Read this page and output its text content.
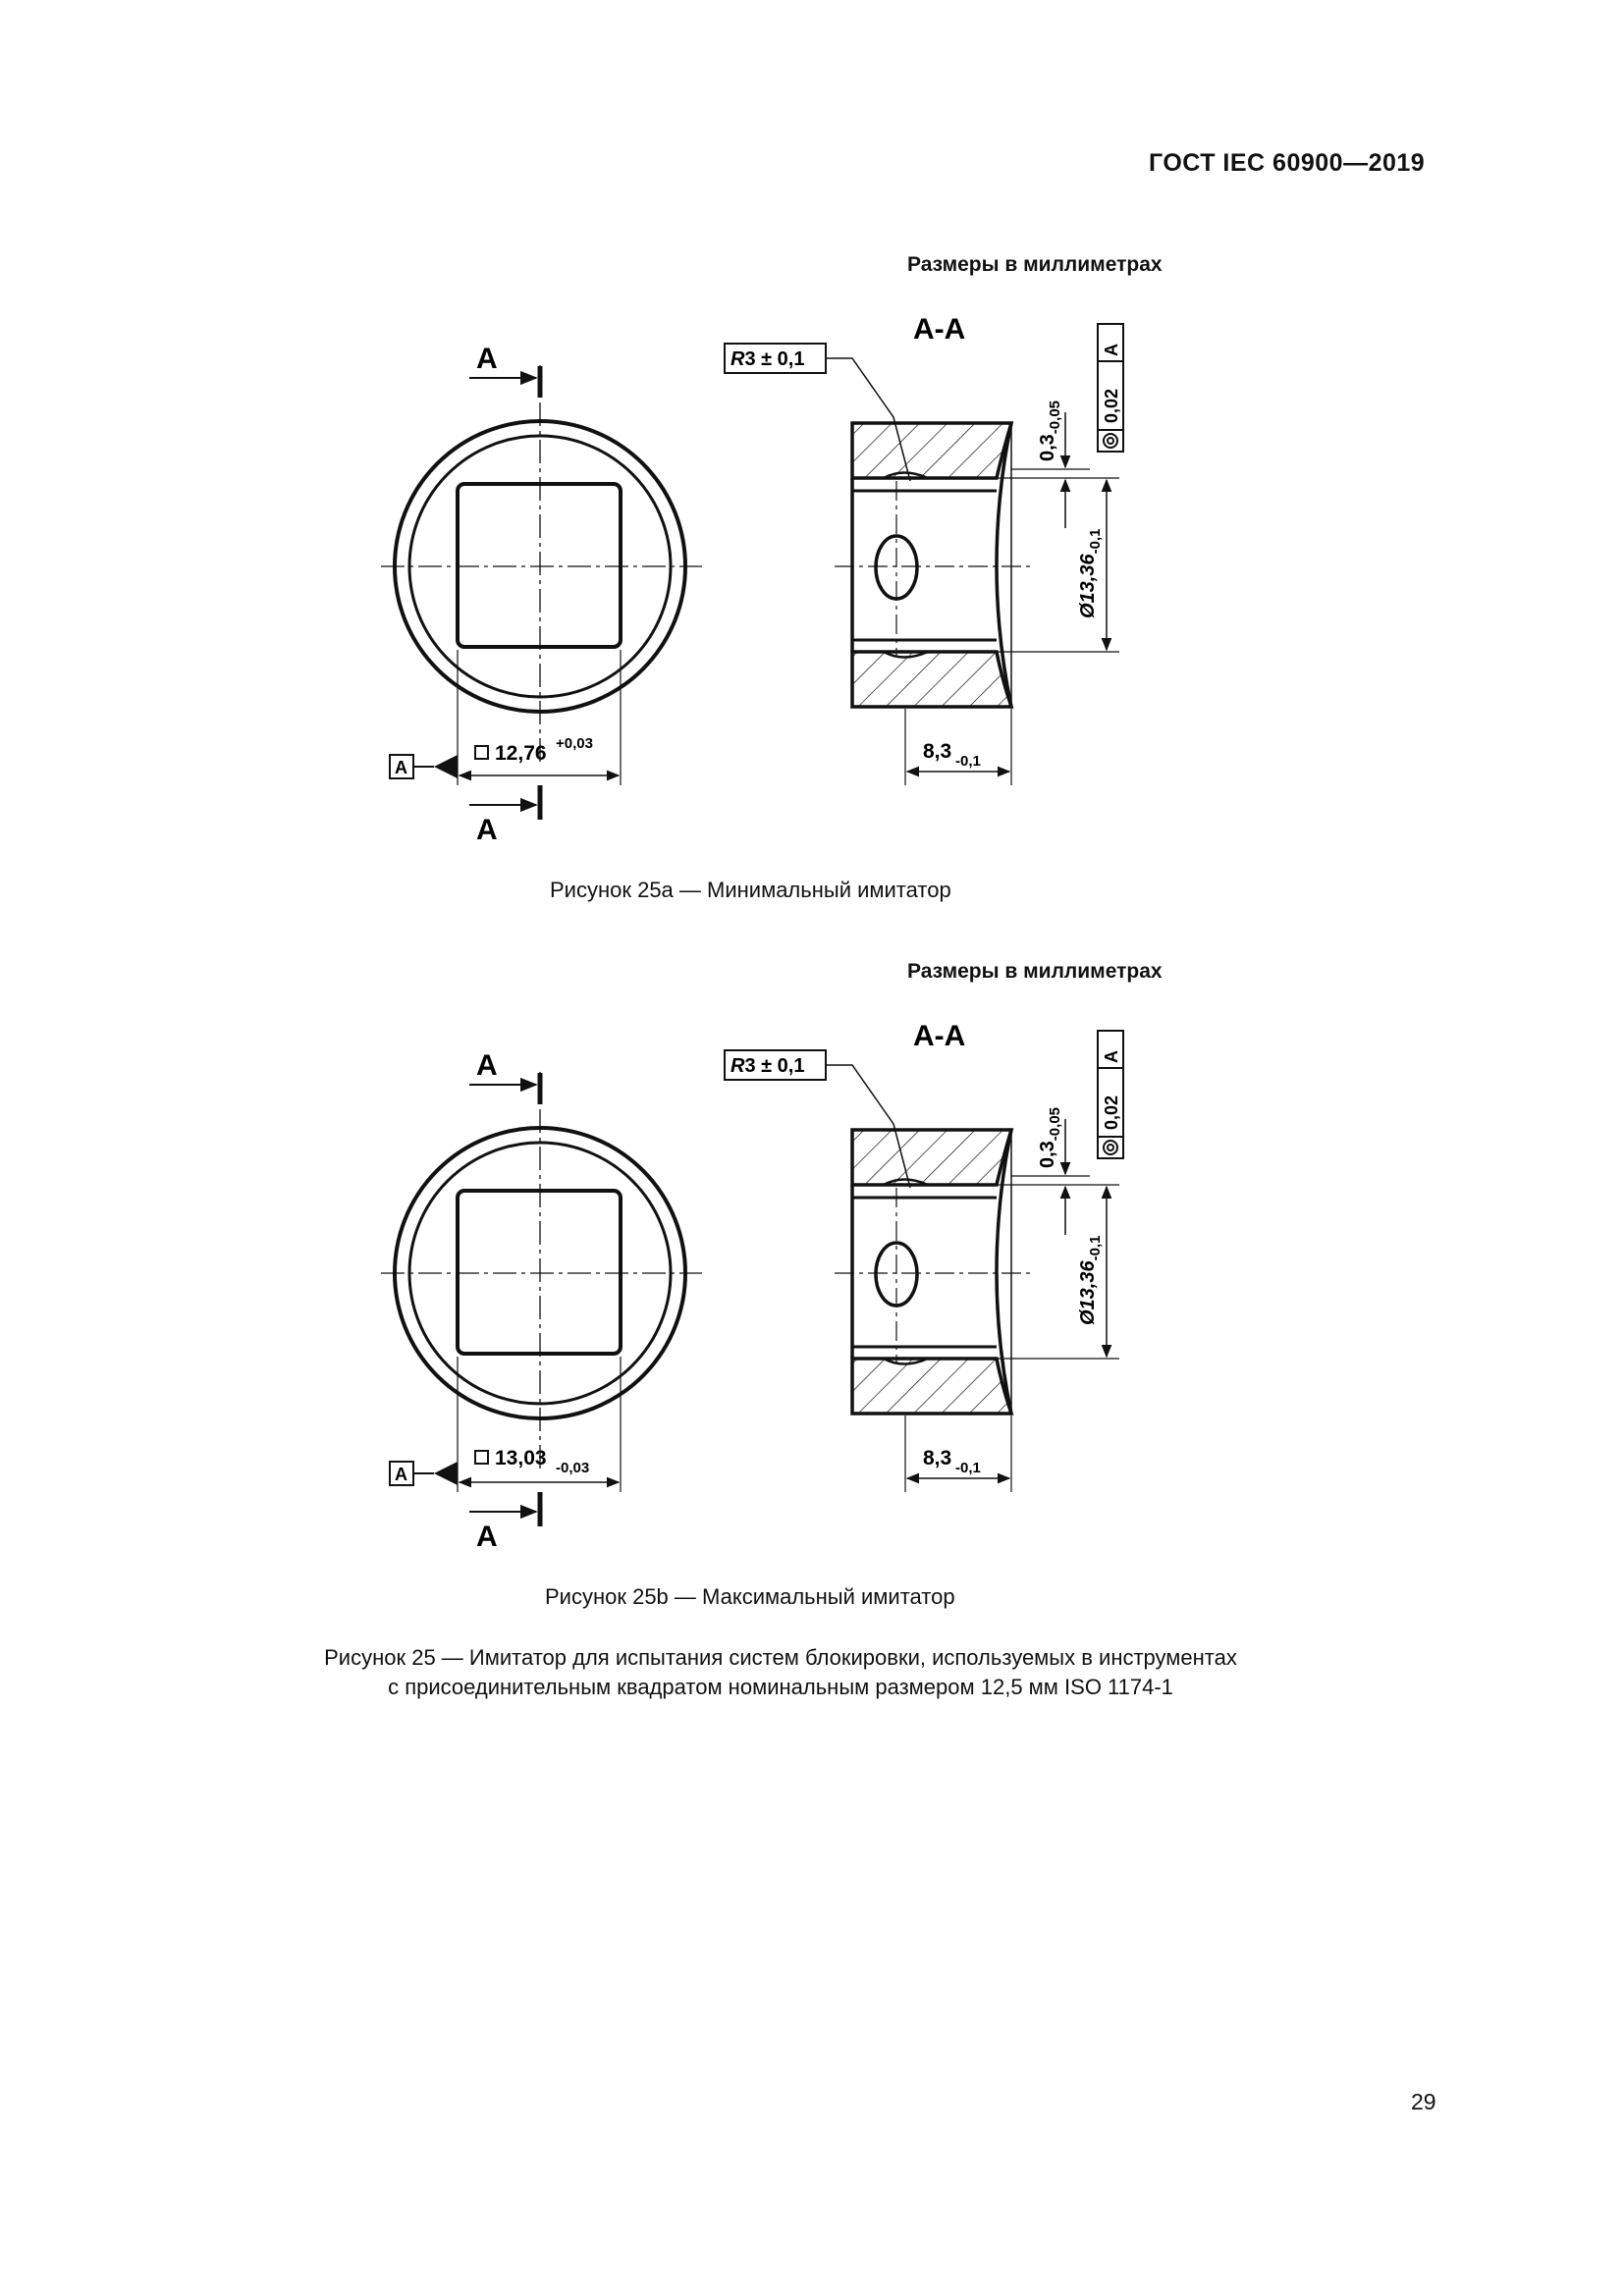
ГОСТ IEC 60900—2019
Размеры в миллиметрах
А
А
12,76 +0,03
A
А-А
R3 ± 0,1
8,3 -0,1
$0,3_{-0,05}$
$Ø13,36_{-0,1}$
A
0,02
Рисунок 25а — Минимальный имитатор
Размеры в миллиметрах
А
А
13,03 -0,03
A
А-А
R3 ± 0,1
8,3 -0,1
$0,3_{-0,05}$
$Ø13,36_{-0,1}$
A
0,02
Рисунок 25b — Максимальный имитатор
Рисунок 25 — Имитатор для испытания систем блокировки, используемых в инструментах
с присоединительным квадратом номинальным размером 12,5 мм ISO 1174-1
29
